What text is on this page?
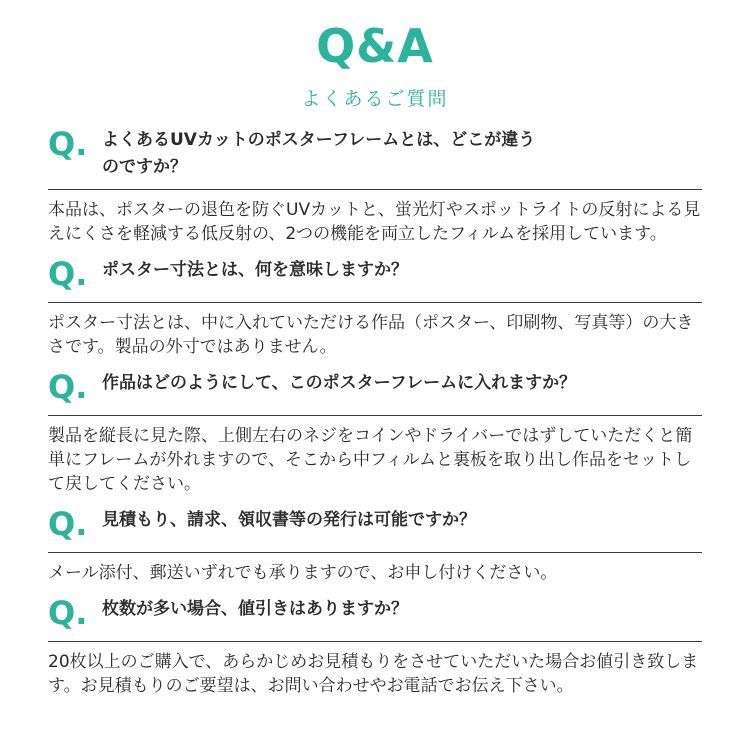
Q&A
よくあるご質問
Q. よくあるUVカットのポスターフレームとは、どこが違うのですか？
本品は、ポスターの退色を防ぐUVカットと、蛍光灯やスポットライトの反射による見えにくさを軽減する低反射の、2つの機能を両立したフィルムを採用しています。
Q. ポスター寸法とは、何を意味しますか？
ポスター寸法とは、中に入れていただける作品（ポスター、印刷物、写真等）の大きさです。製品の外寸ではありません。
Q. 作品はどのようにして、このポスターフレームに入れますか？
製品を縦長に見た際、上側左右のネジをコインやドライバーではずしていただくと簡単にフレームが外れますので、そこから中フィルムと裏板を取り出し作品をセットして戻してください。
Q. 見積もり、請求、領収書等の発行は可能ですか？
メール添付、郵送いずれでも承りますので、お申し付けください。
Q. 枚数が多い場合、値引きはありますか？
20枚以上のご購入で、あらかじめお見積もりをさせていただいた場合お値引き致します。お見積もりのご要望は、お問い合わせやお電話でお伝え下さい。
